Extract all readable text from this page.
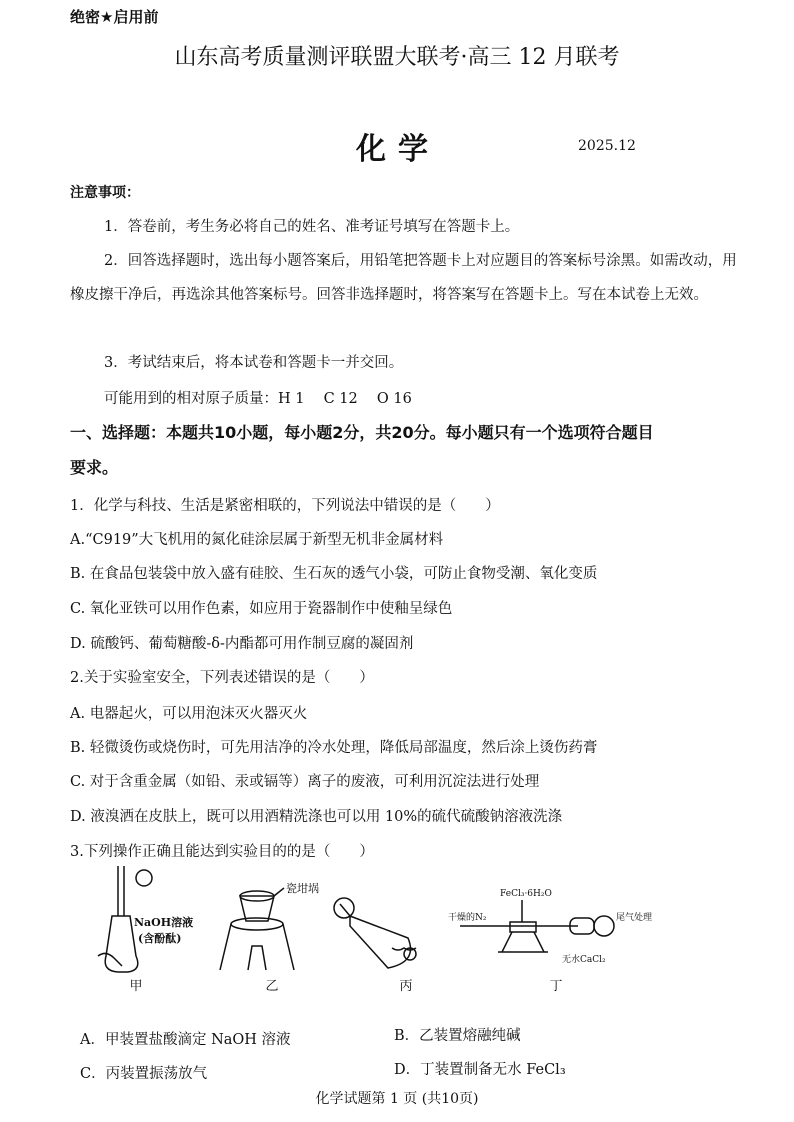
绝密★启用前
山东高考质量测评联盟大联考·高三 12 月联考
化学	2025.12
注意事项：
1．答卷前，考生务必将自己的姓名、准考证号填写在答题卡上。
2．回答选择题时，选出每小题答案后，用铅笔把答题卡上对应题目的答案标号涂黑。如需改动，用橡皮擦干净后，再选涂其他答案标号。回答非选择题时，将答案写在答题卡上。写在本试卷上无效。
3．考试结束后，将本试卷和答题卡一并交回。
可能用到的相对原子质量：H 1　 C 12　 O 16
一、选择题：本题共10小题，每小题2分，共20分。每小题只有一个选项符合题目
要求。
1．化学与科技、生活是紧密相联的，下列说法中错误的是（　　）
A.“C919”大飞机用的氮化硅涂层属于新型无机非金属材料
B. 在食品包装袋中放入盛有硅胶、生石灰的透气小袋，可防止食物受潮、氧化变质
C. 氧化亚铁可以用作色素，如应用于瓷器制作中使釉呈绿色
D. 硫酸钙、葡萄糖酸-δ-内酯都可用作制豆腐的凝固剂
2.关于实验室安全，下列表述错误的是（　　）
A. 电器起火，可以用泡沫灭火器灭火
B. 轻微烫伤或烧伤时，可先用洁净的冷水处理，降低局部温度，然后涂上烫伤药膏
C. 对于含重金属（如铅、汞或镉等）离子的废液，可利用沉淀法进行处理
D. 液溴洒在皮肤上，既可以用酒精洗涤也可以用 10%的硫代硫酸钠溶液洗涤
3.下列操作正确且能达到实验目的的是（　　）
NaOH溶液
(含酚酞)
瓷坩埚
干燥的N₂
FeCl₃·6H₂O
尾气处理
无水CaCl₂
甲	乙	丙	丁
A．甲装置盐酸滴定 NaOH 溶液	B．乙装置熔融纯碱
C．丙装置振荡放气	D．丁装置制备无水 FeCl₃
化学试题第 1 页 (共10页)
